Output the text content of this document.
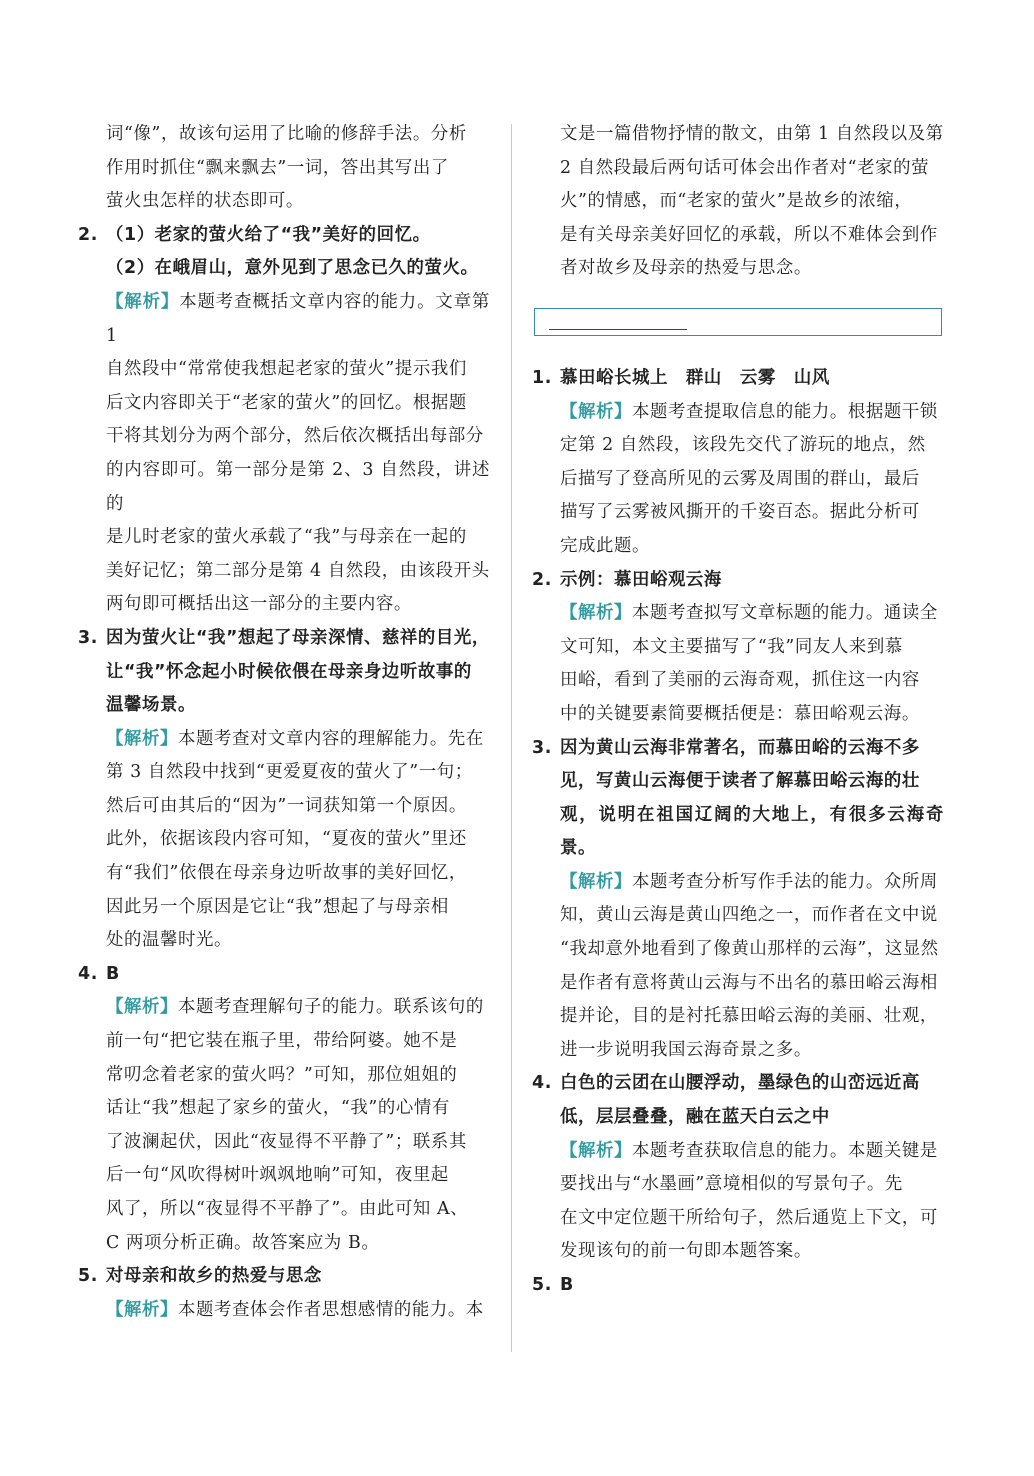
词“像”，故该句运用了比喻的修辞手法。分析

作用时抓住“飘来飘去”一词，答出其写出了

萤火虫怎样的状态即可。

2. （1）老家的萤火给了“我”美好的回忆。

（2）在峨眉山，意外见到了思念已久的萤火。

【解析】本题考查概括文章内容的能力。文章第 1

自然段中“常常使我想起老家的萤火”提示我们

后文内容即关于“老家的萤火”的回忆。根据题

干将其划分为两个部分，然后依次概括出每部分

的内容即可。第一部分是第 2、3 自然段，讲述的

是儿时老家的萤火承载了“我”与母亲在一起的

美好记忆；第二部分是第 4 自然段，由该段开头

两句即可概括出这一部分的主要内容。

3. 因为萤火让“我”想起了母亲深情、慈祥的目光，

让“我”怀念起小时候依偎在母亲身边听故事的

温馨场景。

【解析】本题考查对文章内容的理解能力。先在

第 3 自然段中找到“更爱夏夜的萤火了”一句；

然后可由其后的“因为”一词获知第一个原因。

此外，依据该段内容可知，“夏夜的萤火”里还

有“我们”依偎在母亲身边听故事的美好回忆，

因此另一个原因是它让“我”想起了与母亲相

处的温馨时光。

4. B

【解析】本题考查理解句子的能力。联系该句的

前一句“把它装在瓶子里，带给阿婆。她不是

常叨念着老家的萤火吗？”可知，那位姐姐的

话让“我”想起了家乡的萤火，“我”的心情有

了波澜起伏，因此“夜显得不平静了”；联系其

后一句“风吹得树叶飒飒地响”可知，夜里起

风了，所以“夜显得不平静了”。由此可知 A、

C 两项分析正确。故答案应为 B。

5. 对母亲和故乡的热爱与思念

【解析】本题考查体会作者思想感情的能力。本

文是一篇借物抒情的散文，由第 1 自然段以及第

2 自然段最后两句话可体会出作者对“老家的萤

火”的情感，而“老家的萤火”是故乡的浓缩，

是有关母亲美好回忆的承载，所以不难体会到作

者对故乡及母亲的热爱与思念。

1. 慕田峪长城上　群山　云雾　山风

【解析】本题考查提取信息的能力。根据题干锁

定第 2 自然段，该段先交代了游玩的地点，然

后描写了登高所见的云雾及周围的群山，最后

描写了云雾被风撕开的千姿百态。据此分析可

完成此题。

2. 示例：慕田峪观云海

【解析】本题考查拟写文章标题的能力。通读全

文可知，本文主要描写了“我”同友人来到慕

田峪，看到了美丽的云海奇观，抓住这一内容

中的关键要素简要概括便是：慕田峪观云海。

3. 因为黄山云海非常著名，而慕田峪的云海不多

见，写黄山云海便于读者了解慕田峪云海的壮

观，说明在祖国辽阔的大地上，有很多云海奇景。

【解析】本题考查分析写作手法的能力。众所周

知，黄山云海是黄山四绝之一，而作者在文中说

“我却意外地看到了像黄山那样的云海”，这显然

是作者有意将黄山云海与不出名的慕田峪云海相

提并论，目的是衬托慕田峪云海的美丽、壮观，

进一步说明我国云海奇景之多。

4. 白色的云团在山腰浮动，墨绿色的山峦远近高

低，层层叠叠，融在蓝天白云之中

【解析】本题考查获取信息的能力。本题关键是

要找出与“水墨画”意境相似的写景句子。先

在文中定位题干所给句子，然后通览上下文，可

发现该句的前一句即本题答案。

5. B
